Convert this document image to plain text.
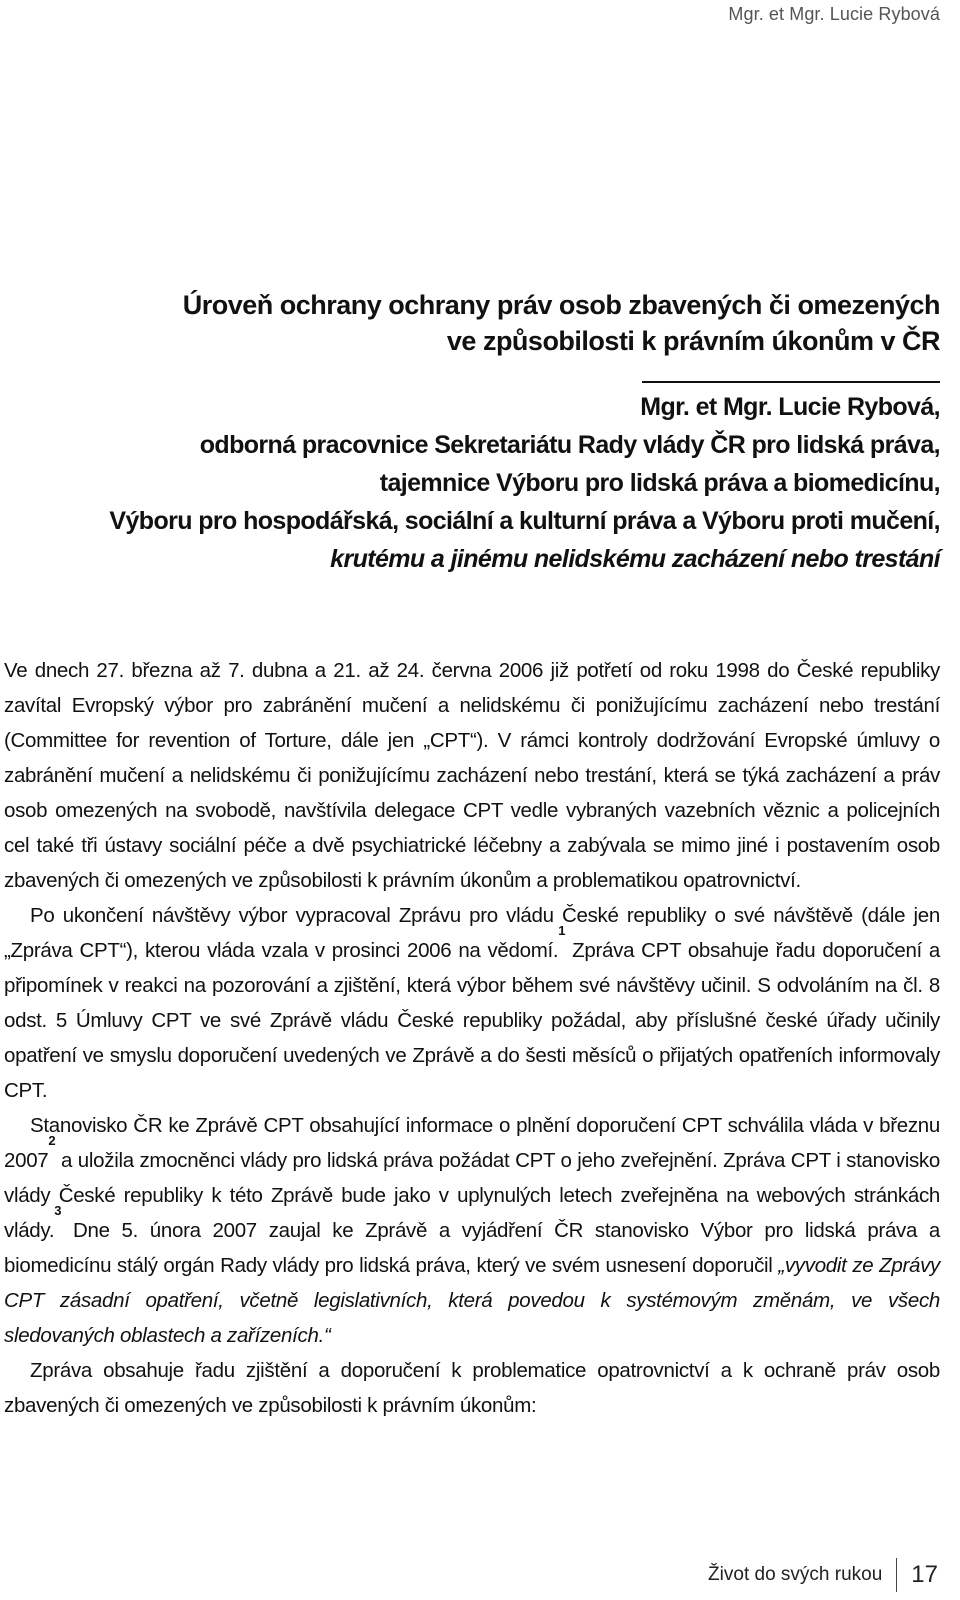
Mgr. et Mgr. Lucie Rybová
Úroveň ochrany ochrany práv osob zbavených či omezených
ve způsobilosti k právním úkonům v ČR
Mgr. et Mgr. Lucie Rybová,
odborná pracovnice Sekretariátu Rady vlády ČR pro lidská práva,
tajemnice Výboru pro lidská práva a biomedicínu,
Výboru pro hospodářská, sociální a kulturní práva a Výboru proti mučení,
krutému a jinému nelidskému zacházení nebo trestání

Ve dnech 27. března až 7. dubna a 21. až 24. června 2006 již potřetí od roku 1998 do České republiky zavítal Evropský výbor pro zabránění mučení a nelidskému či ponižujícímu zacházení nebo trestání (Committee for revention of Torture, dále jen „CPT“). V rámci kontroly dodržování Evropské úmluvy o zabránění mučení a nelidskému či ponižujícímu zacházení nebo trestání, která se týká zacházení a práv osob omezených na svobodě, navštívila delegace CPT vedle vybraných vazebních věznic a policejních cel také tři ústavy sociální péče a dvě psychiatrické léčebny a zabývala se mimo jiné i postavením osob zbavených či omezených ve způsobilosti k právním úkonům a problematikou opatrovnictví.

Po ukončení návštěvy výbor vypracoval Zprávu pro vládu České republiky o své návštěvě (dále jen „Zpráva CPT“), kterou vláda vzala v prosinci 2006 na vědomí.$^1$ Zpráva CPT obsahuje řadu doporučení a připomínek v reakci na pozorování a zjištění, která výbor během své návštěvy učinil. S odvoláním na čl. 8 odst. 5 Úmluvy CPT ve své Zprávě vládu České republiky požádal, aby příslušné české úřady učinily opatření ve smyslu doporučení uvedených ve Zprávě a do šesti měsíců o přijatých opatřeních informovaly CPT.

Stanovisko ČR ke Zprávě CPT obsahující informace o plnění doporučení CPT schválila vláda v březnu 2007$^2$ a uložila zmocněnci vlády pro lidská práva požádat CPT o jeho zveřejnění. Zpráva CPT i stanovisko vlády České republiky k této Zprávě bude jako v uplynulých letech zveřejněna na webových stránkách vlády.$^3$ Dne 5. února 2007 zaujal ke Zprávě a vyjádření ČR stanovisko Výbor pro lidská práva a biomedicínu stálý orgán Rady vlády pro lidská práva, který ve svém usnesení doporučil „vyvodit ze Zprávy CPT zásadní opatření, včetně legislativních, která povedou k systémovým změnám, ve všech sledovaných oblastech a zařízeních.“

Zpráva obsahuje řadu zjištění a doporučení k problematice opatrovnictví a k ochraně práv osob zbavených či omezených ve způsobilosti k právním úkonům:

Život do svých rukou 17
